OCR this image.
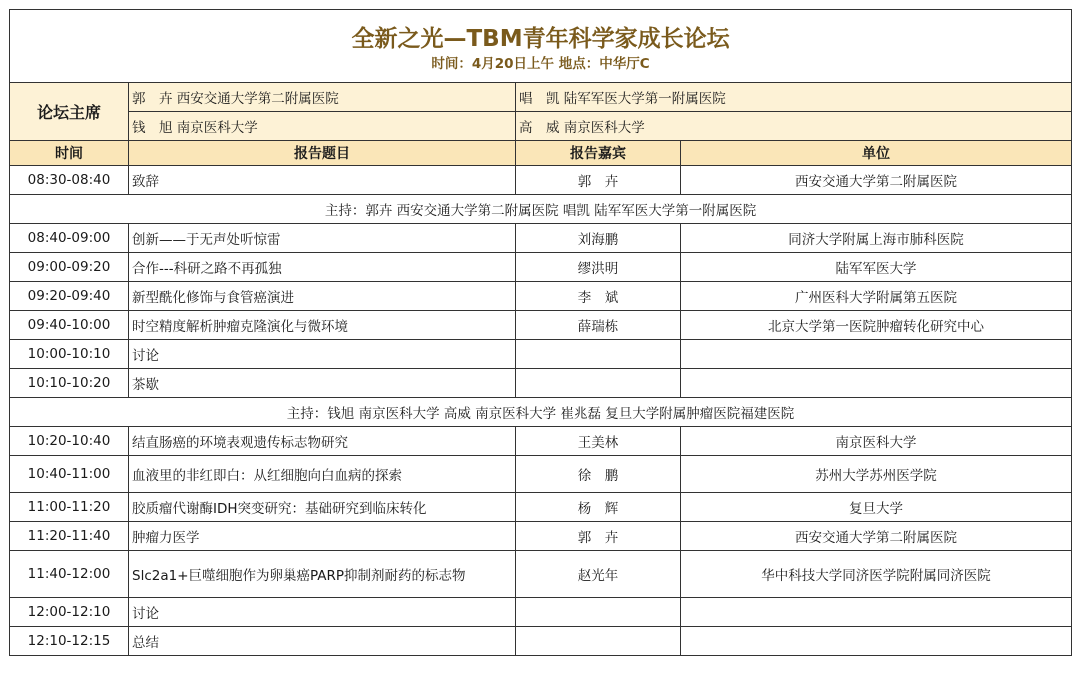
全新之光—TBM青年科学家成长论坛
时间：4月20日上午 地点：中华厅C			

论坛主席	郭　卉 西安交通大学第二附属医院	唱　凯 陆军军医大学第一附属医院	
	钱　旭 南京医科大学	高　威 南京医科大学	
时间	报告题目	报告嘉宾	单位
08:30-08:40	致辞	郭　卉	西安交通大学第二附属医院
主持：郭卉 西安交通大学第二附属医院 唱凯 陆军军医大学第一附属医院			
08:40-09:00	创新——于无声处听惊雷	刘海鹏	同济大学附属上海市肺科医院
09:00-09:20	合作---科研之路不再孤独	缪洪明	陆军军医大学
09:20-09:40	新型酰化修饰与食管癌演进	李　斌	广州医科大学附属第五医院
09:40-10:00	时空精度解析肿瘤克隆演化与微环境	薛瑞栋	北京大学第一医院肿瘤转化研究中心
10:00-10:10	讨论		
10:10-10:20	茶歇		
主持：钱旭 南京医科大学 高威 南京医科大学 崔兆磊 复旦大学附属肿瘤医院福建医院			
10:20-10:40	结直肠癌的环境表观遗传标志物研究	王美林	南京医科大学
10:40-11:00	血液里的非红即白：从红细胞向白血病的探索	徐　鹏	苏州大学苏州医学院
11:00-11:20	胶质瘤代谢酶IDH突变研究：基础研究到临床转化	杨　辉	复旦大学
11:20-11:40	肿瘤力医学	郭　卉	西安交通大学第二附属医院
11:40-12:00	Slc2a1+巨噬细胞作为卵巢癌PARP抑制剂耐药的标志物	赵光年	华中科技大学同济医学院附属同济医院
12:00-12:10	讨论		
12:10-12:15	总结		
